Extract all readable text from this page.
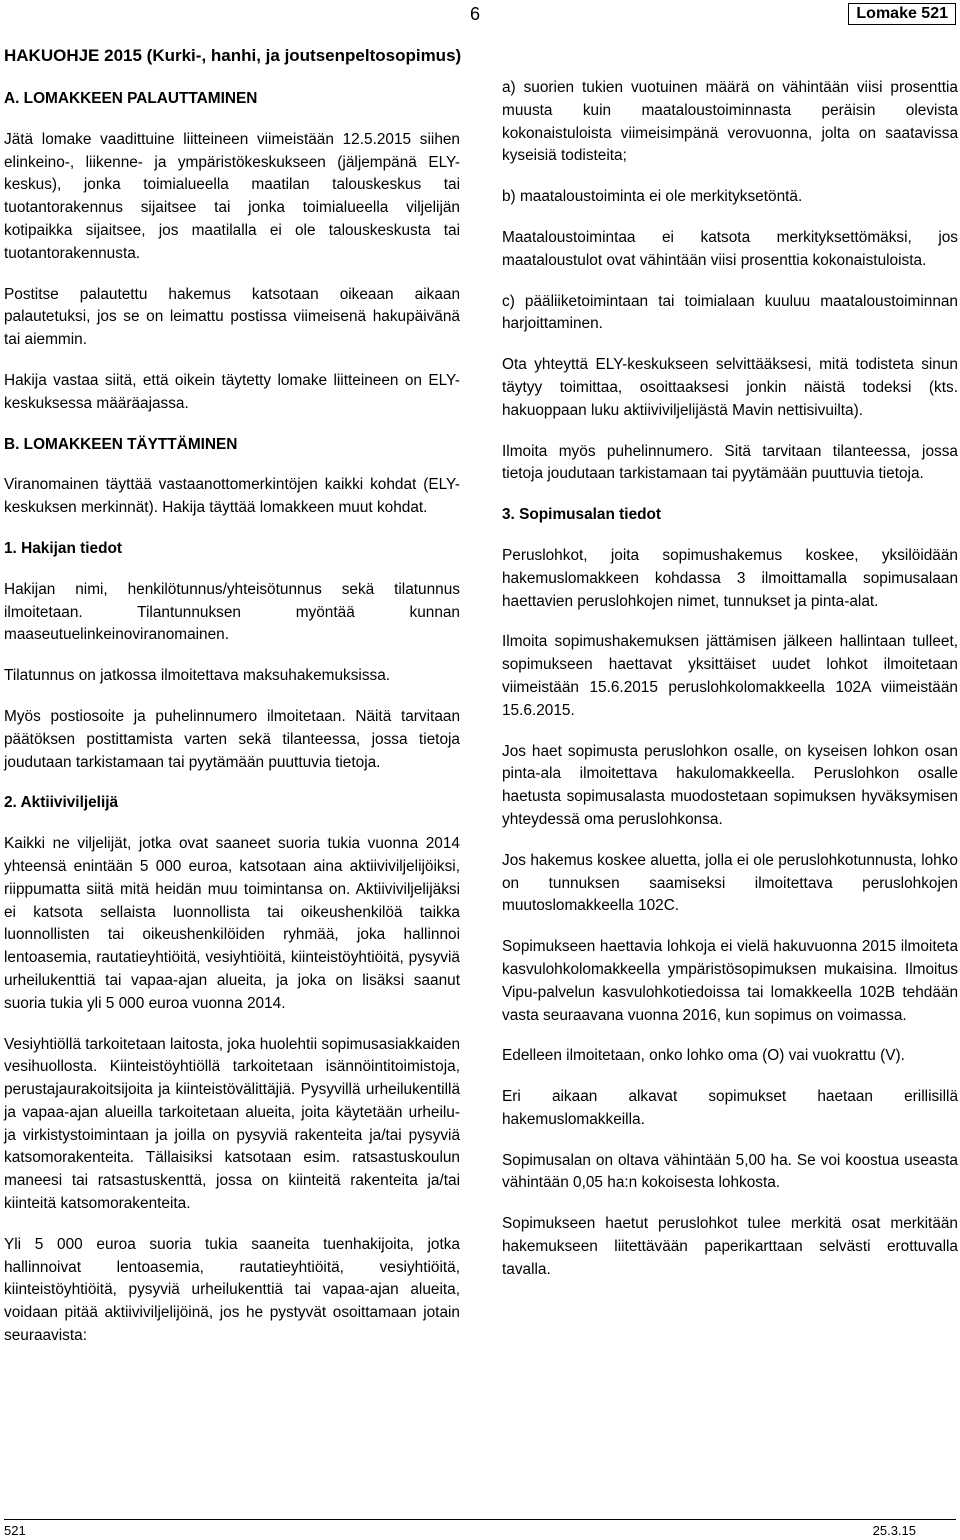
6	Lomake 521
HAKUOHJE 2015 (Kurki-, hanhi, ja joutsenpeltosopimus)
A. LOMAKKEEN PALAUTTAMINEN

Jätä lomake vaadittuine liitteineen viimeistään 12.5.2015 siihen elinkeino-, liikenne- ja ympäristökeskukseen (jäljempänä ELY-keskus), jonka toimialueella maatilan talouskeskus tai tuotantorakennus sijaitsee tai jonka toimialueella viljelijän kotipaikka sijaitsee, jos maatilalla ei ole talouskeskusta tai tuotantorakennusta.

Postitse palautettu hakemus katsotaan oikeaan aikaan palautetuksi, jos se on leimattu postissa viimeisenä hakupäivänä tai aiemmin.

Hakija vastaa siitä, että oikein täytetty lomake liitteineen on ELY-keskuksessa määräajassa.

B. LOMAKKEEN TÄYTTÄMINEN

Viranomainen täyttää vastaanottomerkintöjen kaikki kohdat (ELY-keskuksen merkinnät). Hakija täyttää lomakkeen muut kohdat.

1. Hakijan tiedot

Hakijan nimi, henkilötunnus/yhteisötunnus sekä tilatunnus ilmoitetaan. Tilantunnuksen myöntää kunnan maaseutuelinkeinoviranomainen.

Tilatunnus on jatkossa ilmoitettava maksuhakemuksissa.

Myös postiosoite ja puhelinnumero ilmoitetaan. Näitä tarvitaan päätöksen postittamista varten sekä tilanteessa, jossa tietoja joudutaan tarkistamaan tai pyytämään puuttuvia tietoja.

2. Aktiiviviljelijä

Kaikki ne viljelijät, jotka ovat saaneet suoria tukia vuonna 2014 yhteensä enintään 5 000 euroa, katsotaan aina aktiiviviljelijöiksi, riippumatta siitä mitä heidän muu toimintansa on. Aktiiviviljelijäksi ei katsota sellaista luonnollista tai oikeushenkilöä taikka luonnollisten tai oikeushenkilöiden ryhmää, joka hallinnoi lentoasemia, rautatieyhtiöitä, vesiyhtiöitä, kiinteistöyhtiöitä, pysyviä urheilukenttiä tai vapaa-ajan alueita, ja joka on lisäksi saanut suoria tukia yli 5 000 euroa vuonna 2014.

Vesiyhtiöllä tarkoitetaan laitosta, joka huolehtii sopimusasiakkaiden vesihuollosta. Kiinteistöyhtiöllä tarkoitetaan isännöintitoimistoja, perustajaurakoitsijoita ja kiinteistövälittäjiä. Pysyvillä urheilukentillä ja vapaa-ajan alueilla tarkoitetaan alueita, joita käytetään urheilu- ja virkistystoimintaan ja joilla on pysyviä rakenteita ja/tai pysyviä katsomorakenteita. Tällaisiksi katsotaan esim. ratsastuskoulun maneesi tai ratsastuskenttä, jossa on kiinteitä rakenteita ja/tai kiinteitä katsomorakenteita.

Yli 5 000 euroa suoria tukia saaneita tuenhakijoita, jotka hallinnoivat lentoasemia, rautatieyhtiöitä, vesiyhtiöitä, kiinteistöyhtiöitä, pysyviä urheilukenttiä tai vapaa-ajan alueita, voidaan pitää aktiiviviljelijöinä, jos he pystyvät osoittamaan jotain seuraavista:

a) suorien tukien vuotuinen määrä on vähintään viisi prosenttia muusta kuin maataloustoiminnasta peräisin olevista kokonaistuloista viimeisimpänä verovuonna, jolta on saatavissa kyseisiä todisteita;

b) maataloustoiminta ei ole merkityksetöntä.

Maataloustoimintaa ei katsota merkityksettömäksi, jos maataloustulot ovat vähintään viisi prosenttia kokonaistuloista.

c) pääliiketoimintaan tai toimialaan kuuluu maataloustoiminnan harjoittaminen.

Ota yhteyttä ELY-keskukseen selvittääksesi, mitä todisteta sinun täytyy toimittaa, osoittaaksesi jonkin näistä todeksi (kts. hakuoppaan luku aktiiviviljelijästä Mavin nettisivuilta).

Ilmoita myös puhelinnumero. Sitä tarvitaan tilanteessa, jossa tietoja joudutaan tarkistamaan tai pyytämään puuttuvia tietoja.

3. Sopimusalan tiedot

Peruslohkot, joita sopimushakemus koskee, yksilöidään hakemuslomakkeen kohdassa 3 ilmoittamalla sopimusalaan haettavien peruslohkojen nimet, tunnukset ja pinta-alat.

Ilmoita sopimushakemuksen jättämisen jälkeen hallintaan tulleet, sopimukseen haettavat yksittäiset uudet lohkot ilmoitetaan viimeistään 15.6.2015 peruslohkolomakkeella 102A viimeistään 15.6.2015.

Jos haet sopimusta peruslohkon osalle, on kyseisen lohkon osan pinta-ala ilmoitettava hakulomakkeella. Peruslohkon osalle haetusta sopimusalasta muodostetaan sopimuksen hyväksymisen yhteydessä oma peruslohkonsa.

Jos hakemus koskee aluetta, jolla ei ole peruslohkotunnusta, lohko on tunnuksen saamiseksi ilmoitettava peruslohkojen muutoslomakkeella 102C.

Sopimukseen haettavia lohkoja ei vielä hakuvuonna 2015 ilmoiteta kasvulohkolomakkeella ympäristösopimuksen mukaisina. Ilmoitus Vipu-palvelun kasvulohkotiedoissa tai lomakkeella 102B tehdään vasta seuraavana vuonna 2016, kun sopimus on voimassa.

Edelleen ilmoitetaan, onko lohko oma (O) vai vuokrattu (V).

Eri aikaan alkavat sopimukset haetaan erillisillä hakemuslomakkeilla.

Sopimusalan on oltava vähintään 5,00 ha. Se voi koostua useasta vähintään 0,05 ha:n kokoisesta lohkosta.

Sopimukseen haetut peruslohkot tulee merkitä osat merkitään hakemukseen liitettävään paperikarttaan selvästi erottuvalla tavalla.

521	25.3.15
